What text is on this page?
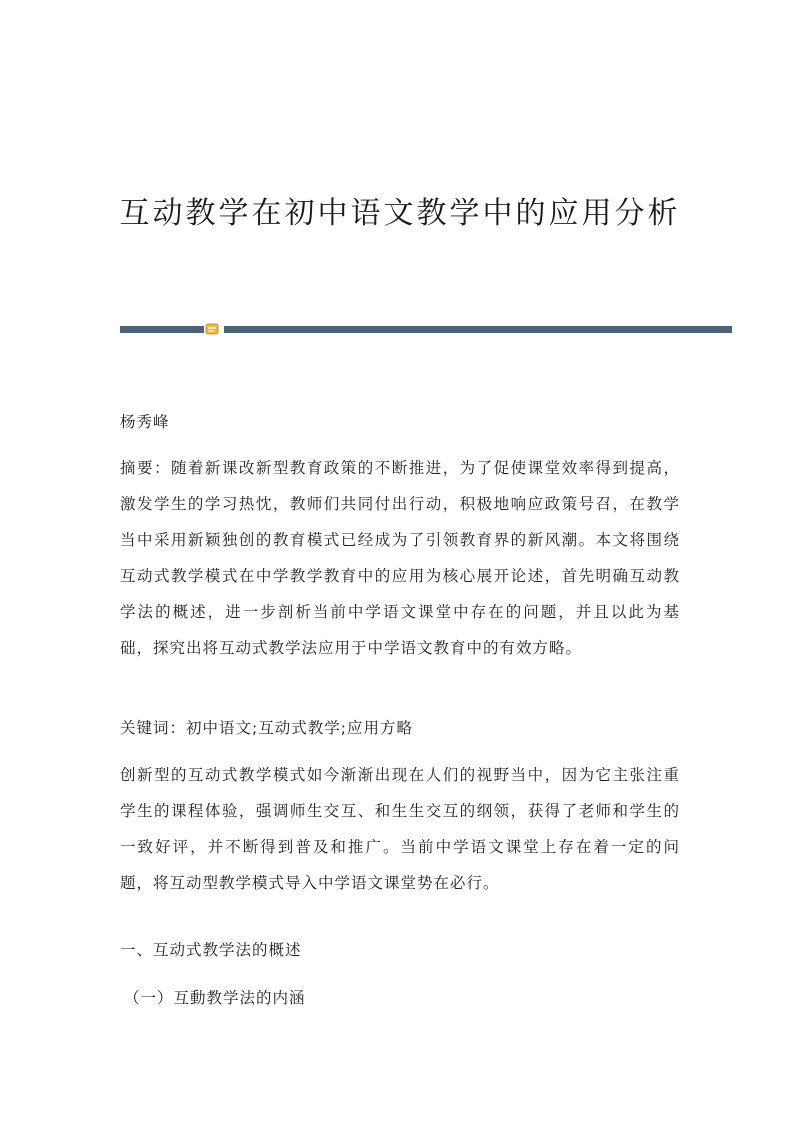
互动教学在初中语文教学中的应用分析

杨秀峰

摘要：随着新课改新型教育政策的不断推进，为了促使课堂效率得到提高，激发学生的学习热忱，教师们共同付出行动，积极地响应政策号召，在教学当中采用新颖独创的教育模式已经成为了引领教育界的新风潮。本文将围绕互动式教学模式在中学教学教育中的应用为核心展开论述，首先明确互动教学法的概述，进一步剖析当前中学语文课堂中存在的问题，并且以此为基础，探究出将互动式教学法应用于中学语文教育中的有效方略。

关键词：初中语文;互动式教学;应用方略

创新型的互动式教学模式如今渐渐出现在人们的视野当中，因为它主张注重学生的课程体验，强调师生交互、和生生交互的纲领，获得了老师和学生的一致好评，并不断得到普及和推广。当前中学语文课堂上存在着一定的问题，将互动型教学模式导入中学语文课堂势在必行。

一、互动式教学法的概述

（一）互動教学法的内涵
